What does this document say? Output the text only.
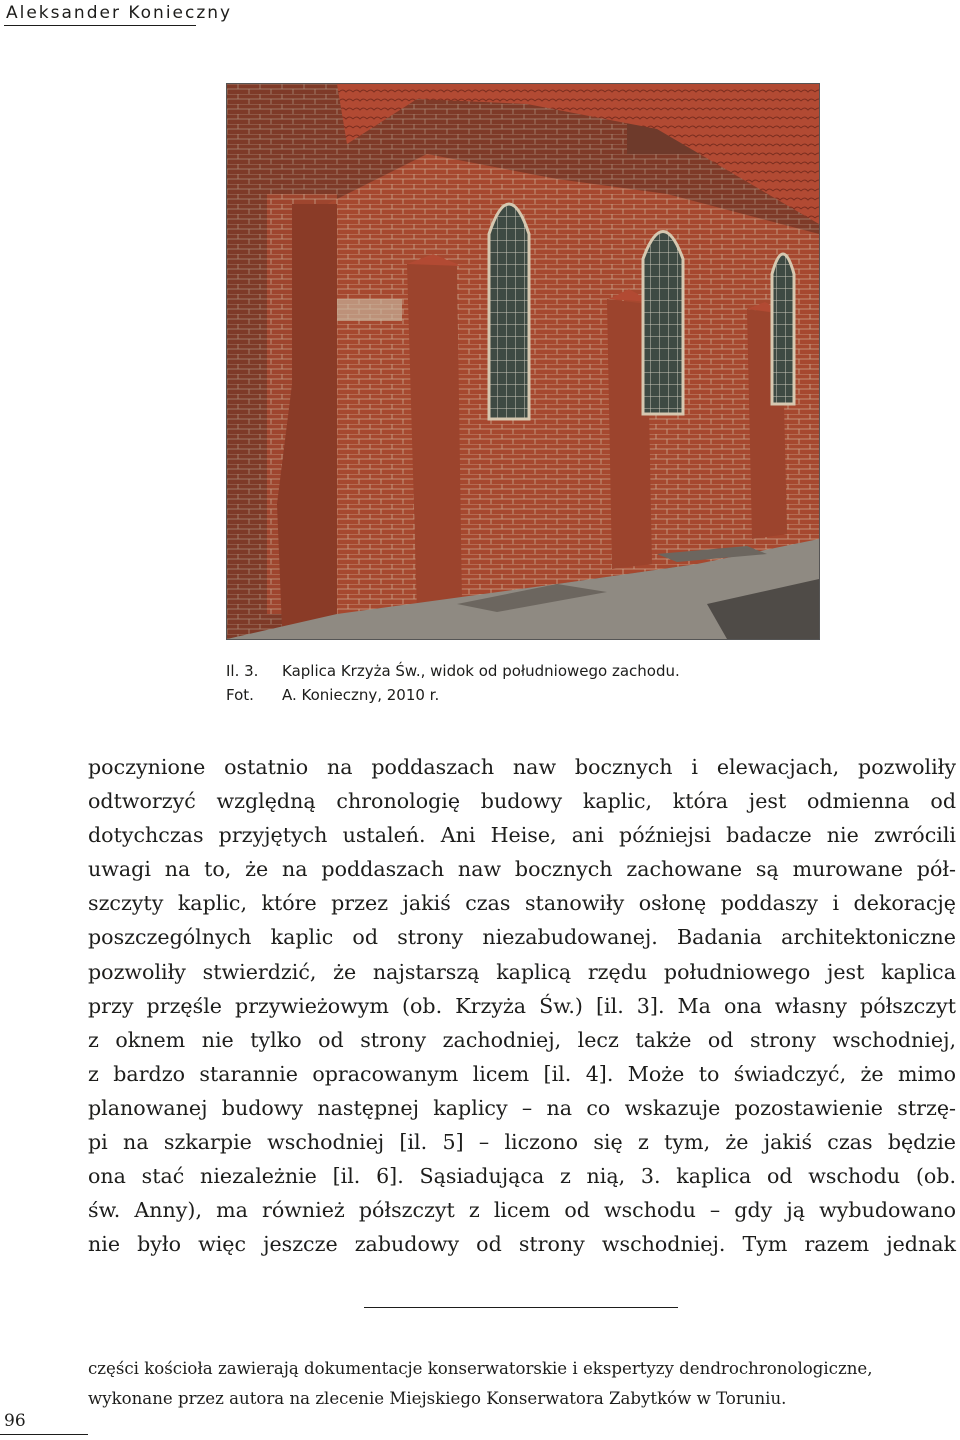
Aleksander Konieczny
Il. 3.	Kaplica Krzyża Św., widok od południowego zachodu.
Fot.	A. Konieczny, 2010 r.
poczynione ostatnio na poddaszach naw bocznych i elewacjach, pozwoliły
odtworzyć względną chronologię budowy kaplic, która jest odmienna od
dotychczas przyjętych ustaleń. Ani Heise, ani późniejsi badacze nie zwrócili
uwagi na to, że na poddaszach naw bocznych zachowane są murowane pół-
szczyty kaplic, które przez jakiś czas stanowiły osłonę poddaszy i dekorację
poszczególnych kaplic od strony niezabudowanej. Badania architektoniczne
pozwoliły stwierdzić, że najstarszą kaplicą rzędu południowego jest kaplica
przy przęśle przywieżowym (ob. Krzyża Św.) [il. 3]. Ma ona własny półszczyt
z oknem nie tylko od strony zachodniej, lecz także od strony wschodniej,
z bardzo starannie opracowanym licem [il. 4]. Może to świadczyć, że mimo
planowanej budowy następnej kaplicy – na co wskazuje pozostawienie strzę-
pi na szkarpie wschodniej [il. 5] – liczono się z tym, że jakiś czas będzie
ona stać niezależnie [il. 6]. Sąsiadująca z nią, 3. kaplica od wschodu (ob.
św. Anny), ma również półszczyt z licem od wschodu – gdy ją wybudowano
nie było więc jeszcze zabudowy od strony wschodniej. Tym razem jednak
części kościoła zawierają dokumentacje konserwatorskie i ekspertyzy dendrochronologiczne,
wykonane przez autora na zlecenie Miejskiego Konserwatora Zabytków w Toruniu.
96
